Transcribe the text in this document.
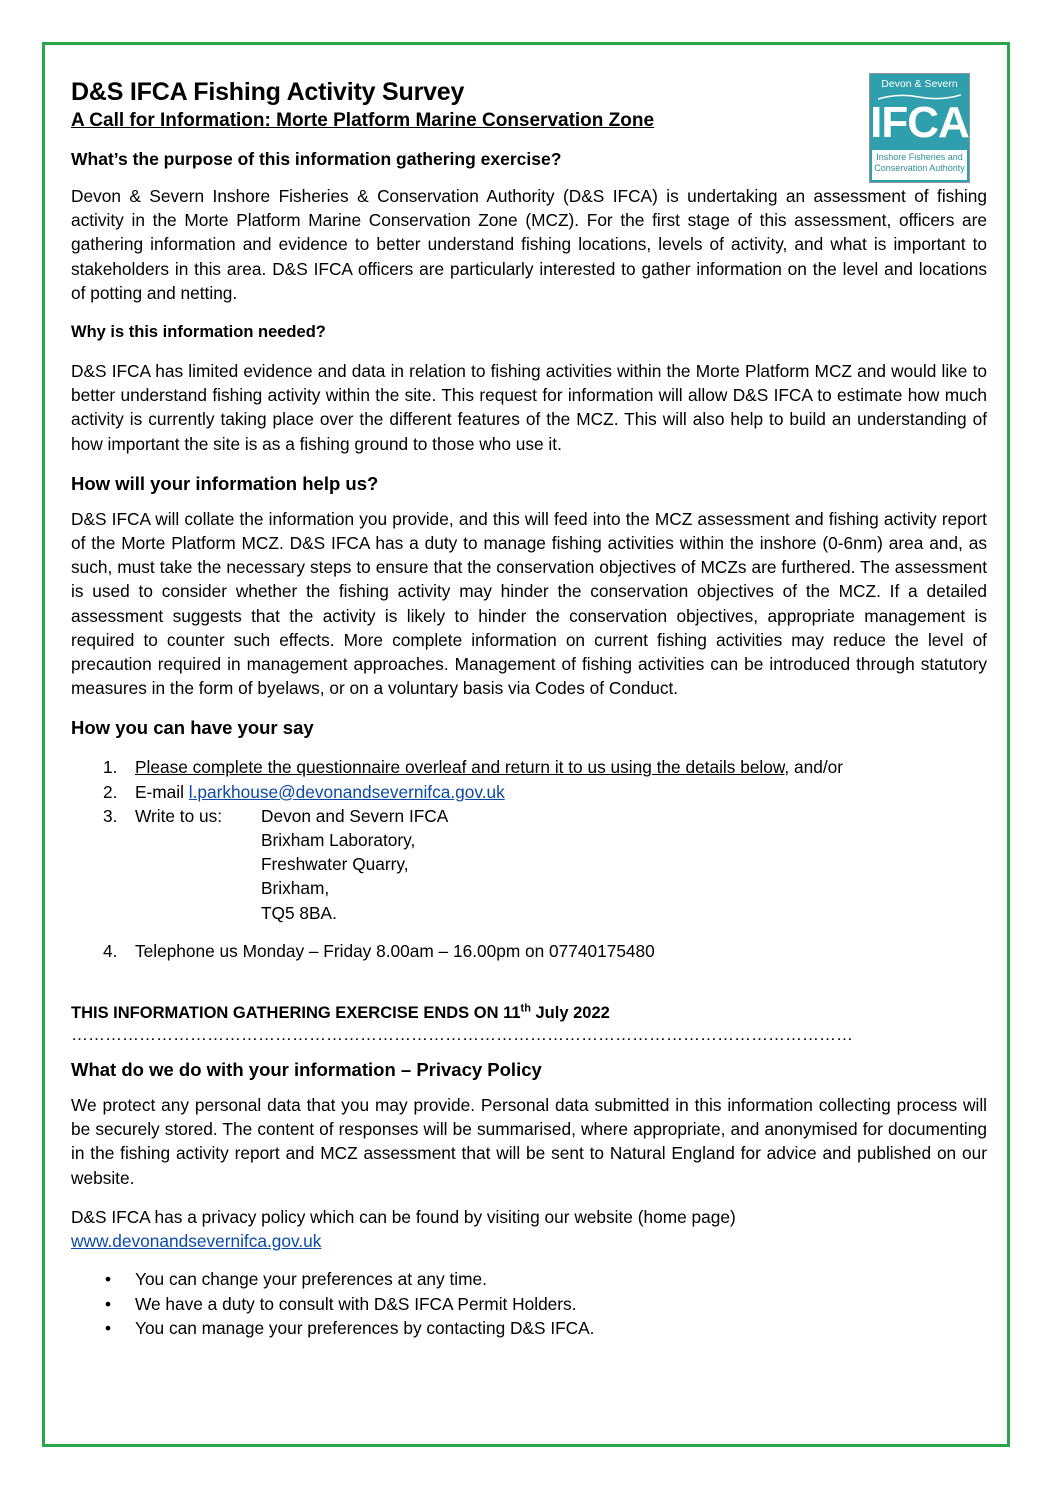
Devon & Severn
IFCA
Inshore Fisheries and
Conservation Authority
D&S IFCA Fishing Activity Survey
A Call for Information: Morte Platform Marine Conservation Zone
What’s the purpose of this information gathering exercise?

Devon & Severn Inshore Fisheries & Conservation Authority (D&S IFCA) is undertaking an assessment of fishing activity in the Morte Platform Marine Conservation Zone (MCZ). For the first stage of this assessment, officers are gathering information and evidence to better understand fishing locations, levels of activity, and what is important to stakeholders in this area. D&S IFCA officers are particularly interested to gather information on the level and locations of potting and netting.

Why is this information needed?

D&S IFCA has limited evidence and data in relation to fishing activities within the Morte Platform MCZ and would like to better understand fishing activity within the site. This request for information will allow D&S IFCA to estimate how much activity is currently taking place over the different features of the MCZ. This will also help to build an understanding of how important the site is as a fishing ground to those who use it.

How will your information help us?

D&S IFCA will collate the information you provide, and this will feed into the MCZ assessment and fishing activity report of the Morte Platform MCZ. D&S IFCA has a duty to manage fishing activities within the inshore (0-6nm) area and, as such, must take the necessary steps to ensure that the conservation objectives of MCZs are furthered. The assessment is used to consider whether the fishing activity may hinder the conservation objectives of the MCZ. If a detailed assessment suggests that the activity is likely to hinder the conservation objectives, appropriate management is required to counter such effects. More complete information on current fishing activities may reduce the level of precaution required in management approaches. Management of fishing activities can be introduced through statutory measures in the form of byelaws, or on a voluntary basis via Codes of Conduct.

How you can have your say
1. Please complete the questionnaire overleaf and return it to us using the details below, and/or
2. E-mail l.parkhouse@devonandsevernifca.gov.uk
3. Write to us:	Devon and Severn IFCA
Brixham Laboratory,
Freshwater Quarry,
Brixham,
TQ5 8BA.
4. Telephone us Monday – Friday 8.00am – 16.00pm on 07740175480
THIS INFORMATION GATHERING EXERCISE ENDS ON 11th July 2022
…………………………………………………………………………………………………………………………
What do we do with your information – Privacy Policy

We protect any personal data that you may provide. Personal data submitted in this information collecting process will be securely stored. The content of responses will be summarised, where appropriate, and anonymised for documenting in the fishing activity report and MCZ assessment that will be sent to Natural England for advice and published on our website.

D&S IFCA has a privacy policy which can be found by visiting our website (home page)
www.devonandsevernifca.gov.uk

• You can change your preferences at any time.
• We have a duty to consult with D&S IFCA Permit Holders.
• You can manage your preferences by contacting D&S IFCA.
